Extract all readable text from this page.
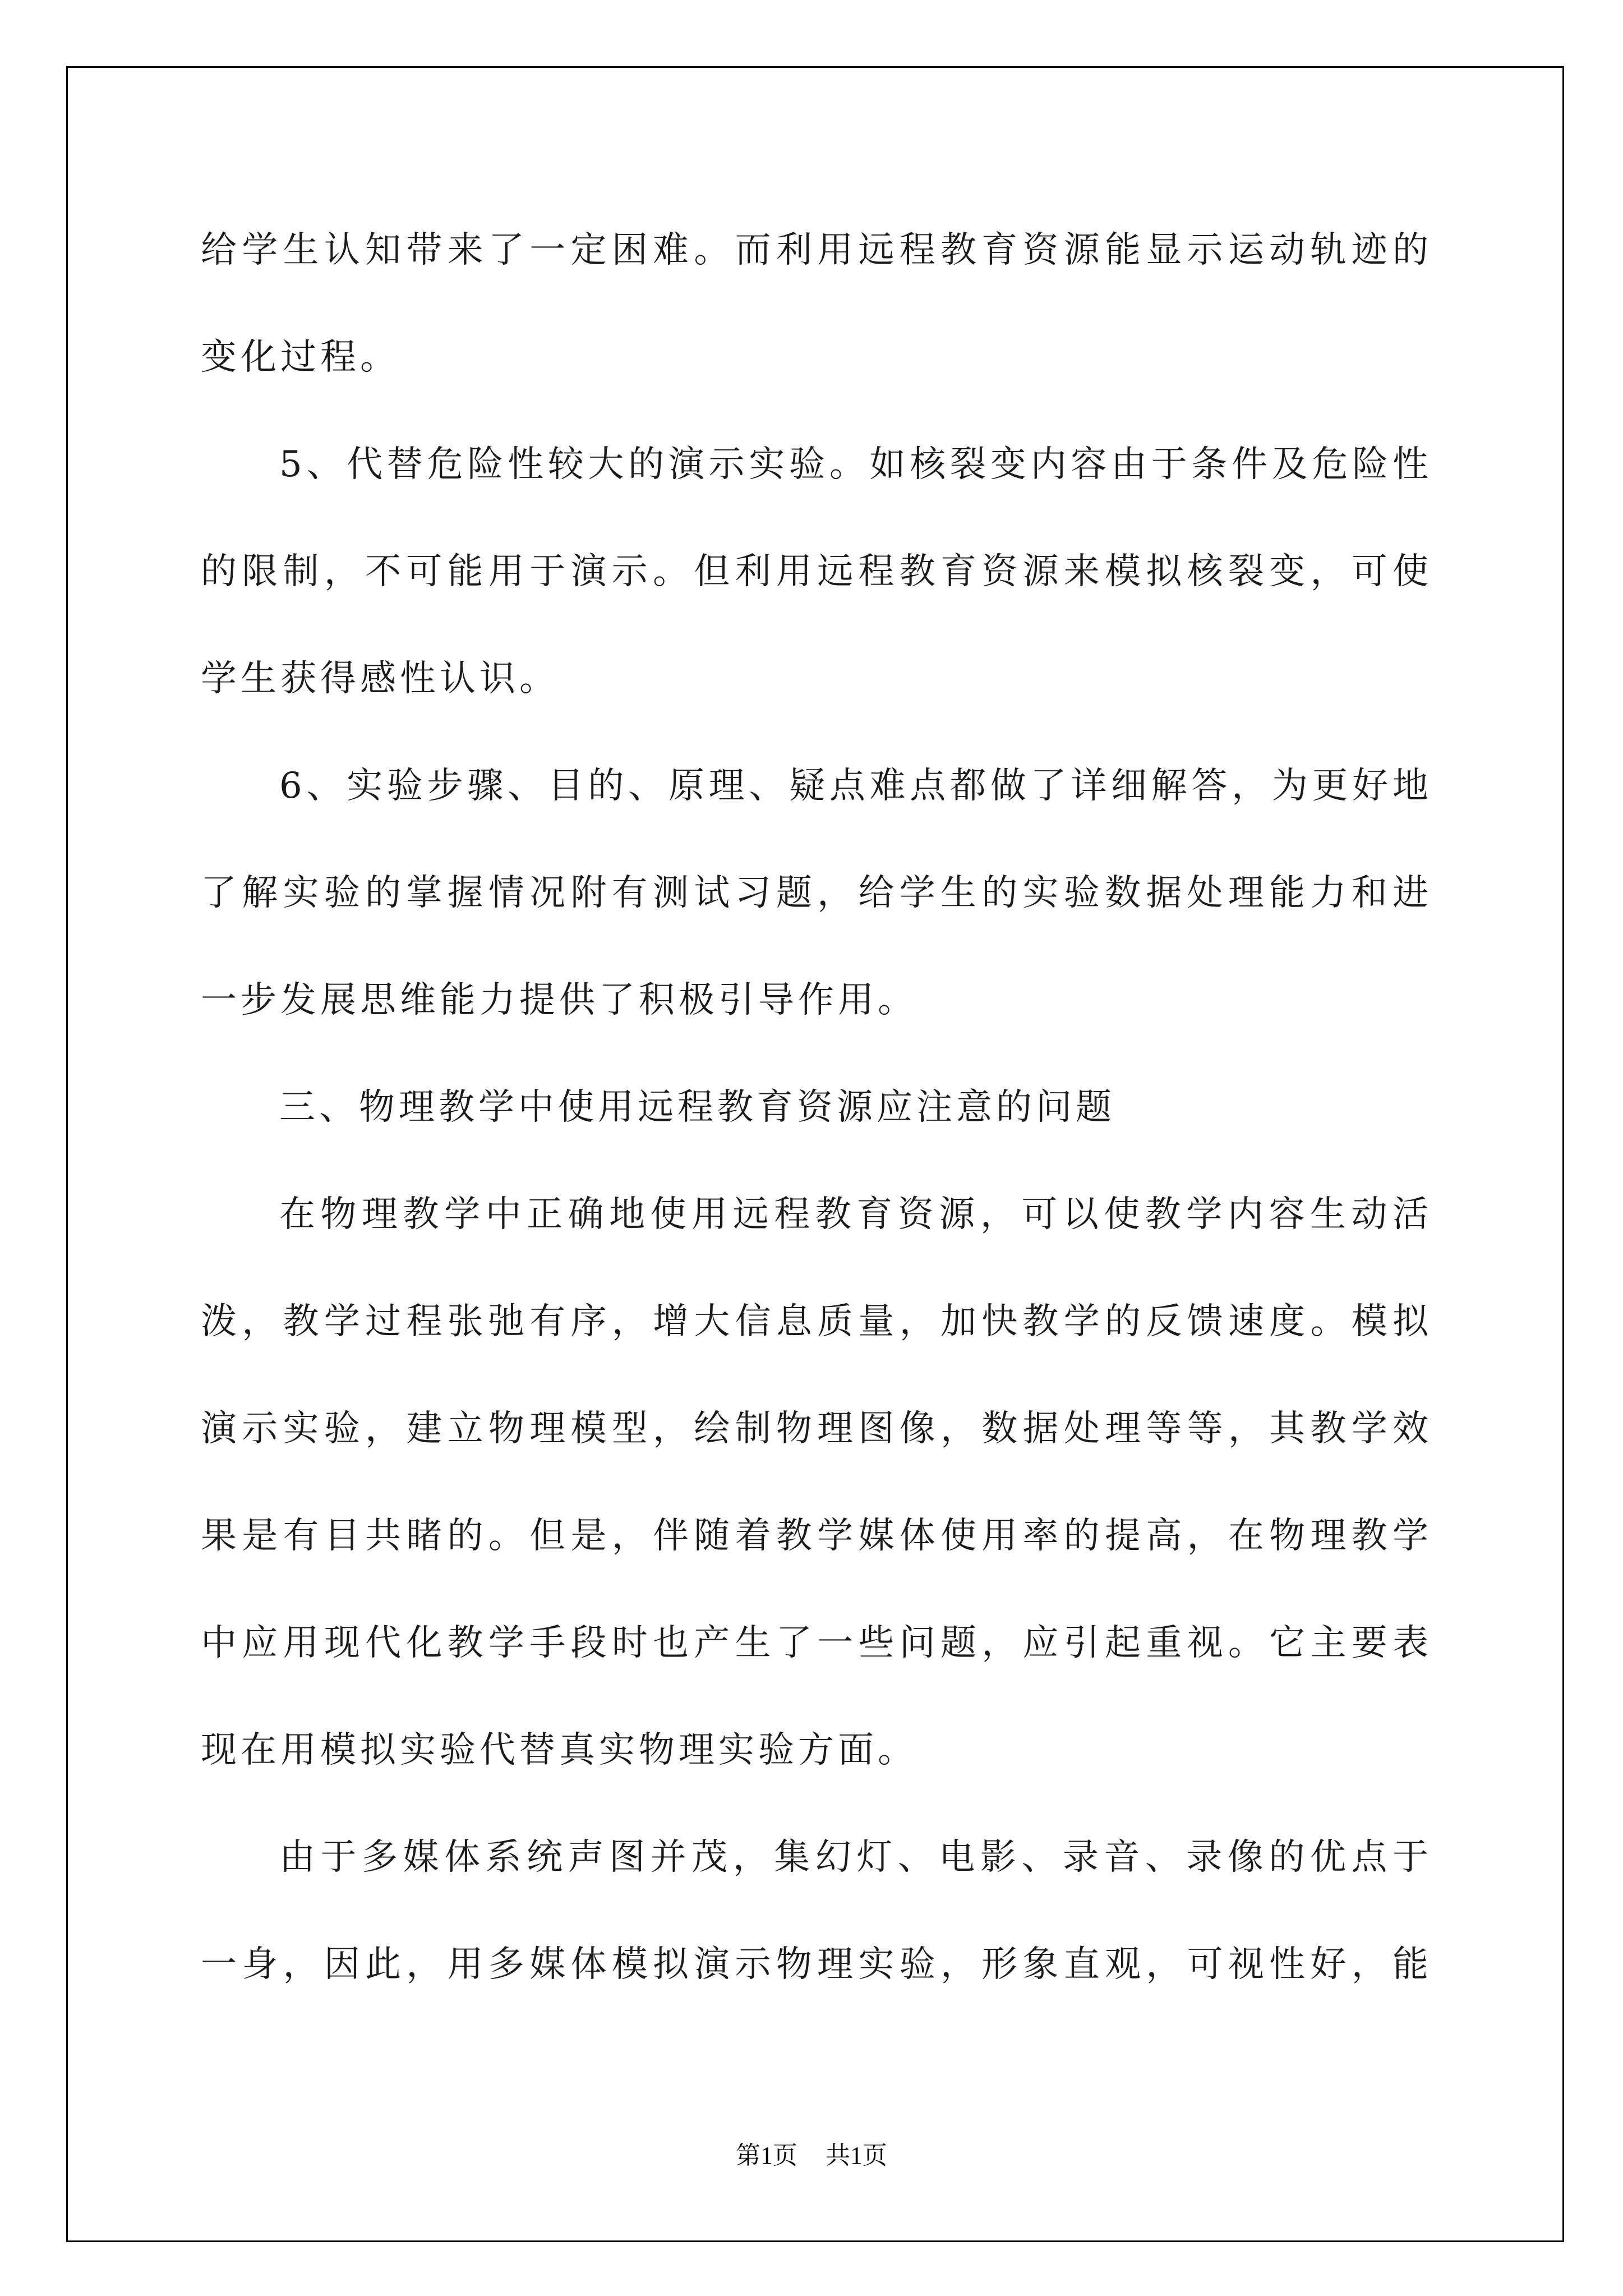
给学生认知带来了一定困难。而利用远程教育资源能显示运动轨迹的
变化过程。
5、代替危险性较大的演示实验。如核裂变内容由于条件及危险性
的限制，不可能用于演示。但利用远程教育资源来模拟核裂变，可使
学生获得感性认识。
6、实验步骤、目的、原理、疑点难点都做了详细解答，为更好地
了解实验的掌握情况附有测试习题，给学生的实验数据处理能力和进
一步发展思维能力提供了积极引导作用。
三、物理教学中使用远程教育资源应注意的问题
在物理教学中正确地使用远程教育资源，可以使教学内容生动活
泼，教学过程张弛有序，增大信息质量，加快教学的反馈速度。模拟
演示实验，建立物理模型，绘制物理图像，数据处理等等，其教学效
果是有目共睹的。但是，伴随着教学媒体使用率的提高，在物理教学
中应用现代化教学手段时也产生了一些问题，应引起重视。它主要表
现在用模拟实验代替真实物理实验方面。
由于多媒体系统声图并茂，集幻灯、电影、录音、录像的优点于
一身，因此，用多媒体模拟演示物理实验，形象直观，可视性好，能
第1页 共1页
